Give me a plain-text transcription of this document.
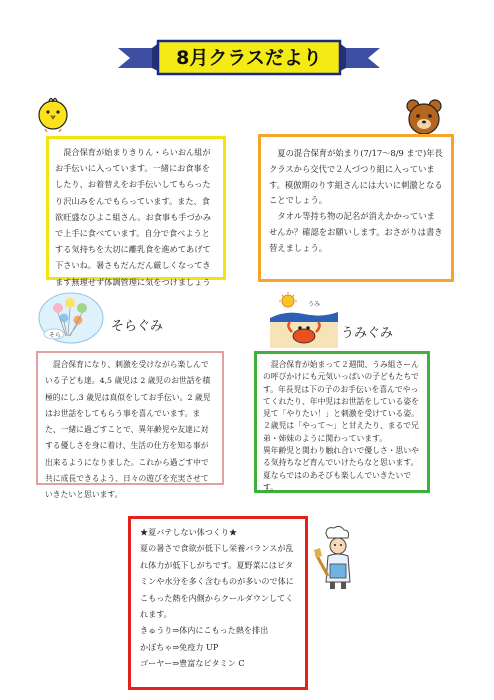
8月クラスだより

　混合保育が始まりきりん・らいおん組がお手伝いに入っています。一緒にお食事をしたり、お着替えをお手伝いしてもらったり沢山みをんでもらっています。また、食欲旺盛なひよこ組さん。お食事も手づかみで上手に食べています。自分で食べようとする気持ちを大切に離乳食を進めてあげて下さいね。暑さもだんだん厳しくなってきます無理せず体調管理に気をつけましょう

　夏の混合保育が始まり(7/17～8/9 まで)年長クラスから交代で２人づつり組に入っています。模倣期のりす組さんには大いに刺激となることでしょう。
　タオル等持ち物の記名が消えかかっていませんか？確認をお願いします。おさがりは書き替えましょう。

そら
そらぐみ
うみ
うみぐみ

　混合保育になり、刺激を受けながら楽しんでいる子ども達。4,5 歳児は 2 歳児のお世話を積極的にし,3 歳児は真似をしてお手伝い。2 歳児はお世話をしてもらう事を喜んでいます。また、一緒に過ごすことで、異年齢児や友達に対する優しさを身に着け、生活の仕方を知る事が出来るようになりました。これから過ごす中で共に成長できるよう、日々の遊びを充実させていきたいと思います。

　混合保育が始まって２週間、うみ組さーんの呼びかけにも元気いっぱいの子どもたちです。年長児は下の子のお手伝いを喜んでやってくれたり、年中児はお世話をしている姿を見て「やりたい！」と刺激を受けている姿。２歳児は「やって～」と甘えたり、まるで兄弟・姉妹のように関わっています。
異年齢児と関わり触れ合いで優しさ・思いやる気持ちなど育んでいけたらなと思います。夏ならではのあそびも楽しんでいきたいです。

★夏バテしない体つくり★

夏の暑さで食欲が低下し栄養バランスが乱れ体力が低下しがちです。夏野菜にはビタミンや水分を多く含むものが多いので体にこもった熱を内側からクールダウンしてくれます。

きゅうり⇒体内にこもった熱を排出

かぼちゃ⇒免疫力 UP

ゴーヤー⇒豊富なビタミン C
